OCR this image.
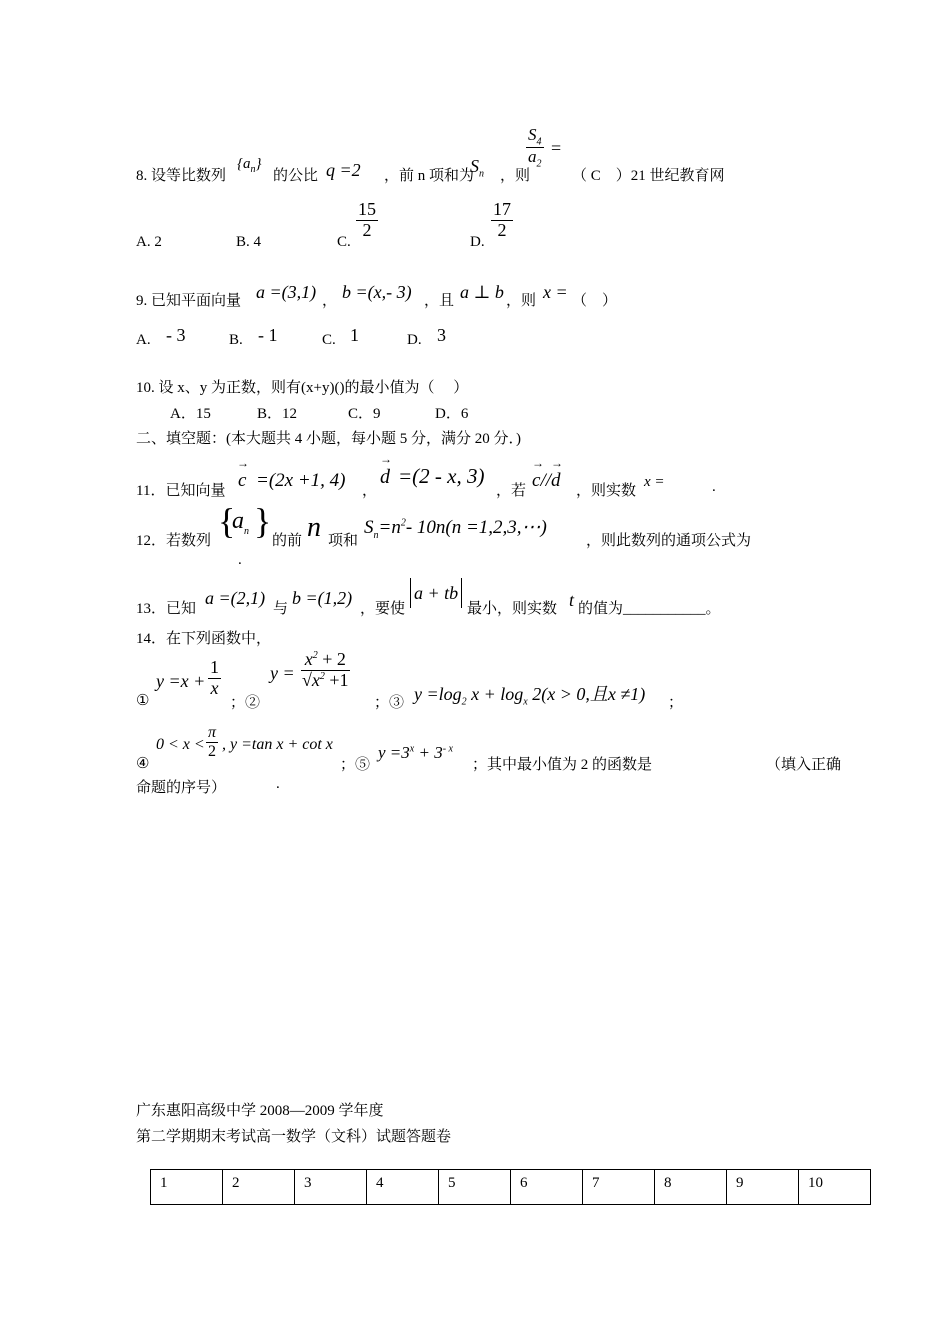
8. 设等比数列
$\{a_n\}$
的公比 q =2 ，前 n 项和为
$S_n$ ，则
$\frac{S_4}{a_2}$ =
（ C　）21 世纪教育网
A. 2	B. 4	C.
$\frac{15}{2}$
D.
$\frac{17}{2}$
9. 已知平面向量 a =(3,1) ， b =(x,- 3) ，且 a ⊥ b ，则 x = （　）
A. - 3	B. - 1	C. 1	D. 3
10. 设 x、y 为正数，则有(x+y)()的最小值为（　 ）
A．15	B．12	C．9	D．6
二、填空题：(本大题共 4 小题，每小题 5 分，满分 20 分．)
11．已知向量
→
c =(2x +1, 4) ，
→
d =(2 - x, 3)
，若
→
c//
→
d ，则实数
x =	.
12．若数列 {
$a_n$ } 的前 n 项和
$S_n=n^2-$ 10n(n =1,2,3,⋯)
，则此数列的通项公式为
.
13．已知
a =(2,1)
与
b =(1,2)
，要使
a + tb
最小，则实数 t 的值为___________。
14．在下列函数中，
①
$y =x + \frac{1}{x}$
；②
$y = \frac{x^2 + 2}{√x^2 +1}$
；③ $y =\log_2$ $x + \log_x 2(x > 0$,且x ≠1) ；
④
$0 < x < \frac{\pi}{2}$ , y =tan x + cot x
；⑤
$y =3^x + 3^{- x}$
；其中最小值为 2 的函数是	（填入正确
命题的序号）	.
广东惠阳高级中学 2008—2009 学年度
第二学期期末考试高一数学（文科）试题答题卷
1	2	3	4	5	6	7	8	9	10
